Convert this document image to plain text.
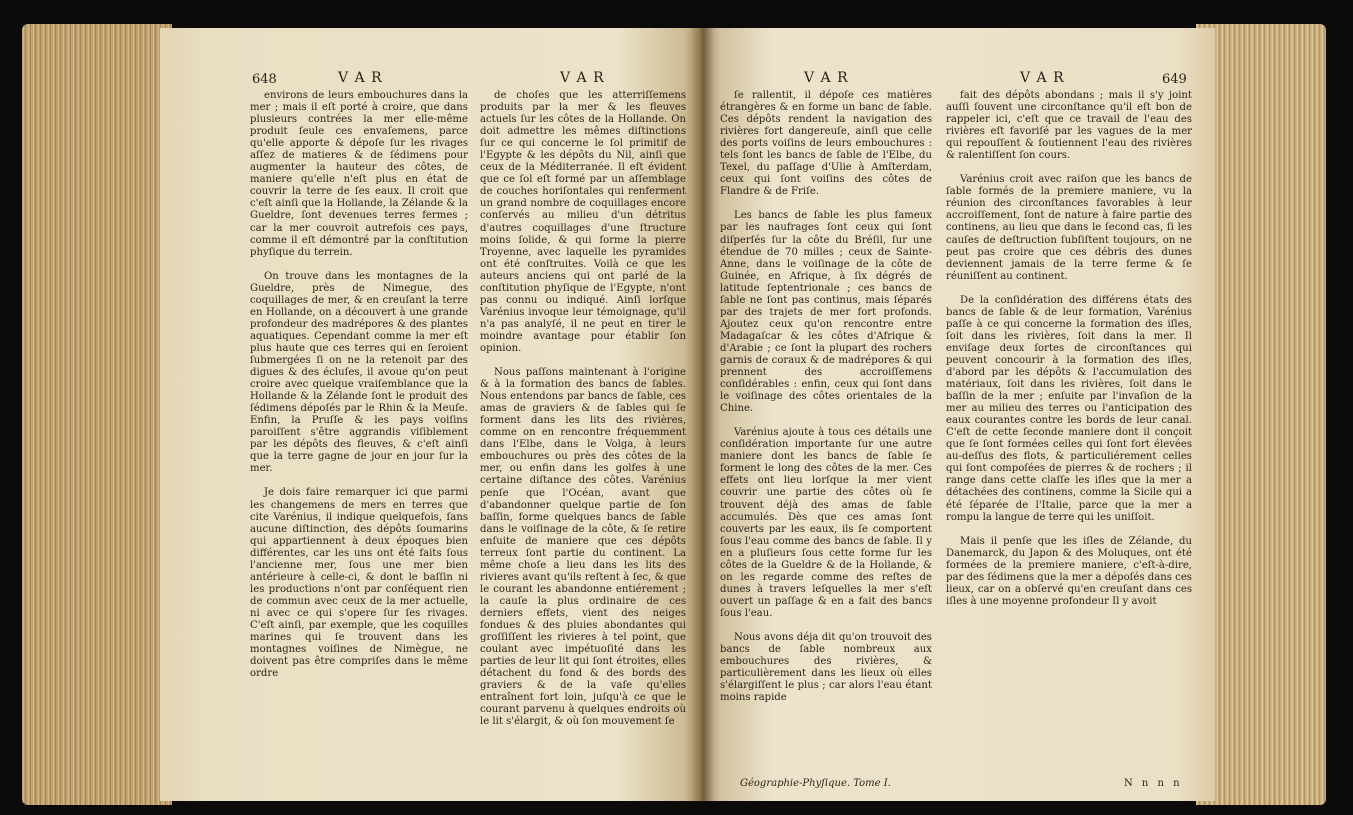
648	V A R	V A R

environs de leurs embouchures dans la mer ; mais il eſt porté à croire, que dans plusieurs contrées la mer elle-même produit ſeule ces envaſemens, parce qu'elle apporte & dépoſe ſur les rivages aſſez de matieres & de ſédimens pour augmenter la hauteur des côtes, de maniere qu'elle n'eſt plus en état de couvrir la terre de ſes eaux. Il croit que c'eſt ainſi que la Hollande, la Zélande & la Gueldre, ſont devenues terres fermes ; car la mer couvroit autrefois ces pays, comme il eſt démontré par la conſtitution phyſique du terrein.

On trouve dans les montagnes de la Gueldre, près de Nimegue, des coquillages de mer, & en creuſant la terre en Hollande, on a découvert à une grande profondeur des madrépores & des plantes aquatiques. Cependant comme la mer eſt plus haute que ces terres qui en ſeroient ſubmergées ſi on ne la retenoit par des digues & des écluſes, il avoue qu'on peut croire avec quelque vraiſemblance que la Hollande & la Zélande ſont le produit des ſédimens dépoſés par le Rhin & la Meuſe. Enfin, la Pruſſe & les pays voiſins paroiſſent s'être aggrandis viſiblement par les dépôts des fleuves, & c'eſt ainſi que la terre gagne de jour en jour ſur la mer.

Je dois faire remarquer ici que parmi les changemens de mers en terres que cite Varénius, il indique quelquefois, ſans aucune diſtinction, des dépôts ſoumarins qui appartiennent à deux époques bien différentes, car les uns ont été faits ſous l'ancienne mer, ſous une mer bien antérieure à celle-ci, & dont le baſſin ni les productions n'ont par conſéquent rien de commun avec ceux de la mer actuelle, ni avec ce qui s'opere ſur ſes rivages. C'eſt ainſi, par exemple, que les coquilles marines qui ſe trouvent dans les montagnes voiſines de Nimègue, ne doivent pas être compriſes dans le même ordre

de choſes que les atterriſſemens produits par la mer & les fleuves actuels ſur les côtes de la Hollande. On doit admettre les mêmes diſtinctions ſur ce qui concerne le ſol primitif de l'Egypte & les dépôts du Nil, ainſi que ceux de la Méditerranée. Il eſt évident que ce ſol eſt formé par un aſſemblage de couches horiſontales qui renferment un grand nombre de coquillages encore conſervés au milieu d'un détritus d'autres coquillages d'une ſtructure moins ſolide, & qui forme la pierre Troyenne, avec laquelle les pyramides ont été conſtruites. Voilà ce que les auteurs anciens qui ont parlé de la conſtitution phyſique de l'Egypte, n'ont pas connu ou indiqué. Ainſi lorſque Varénius invoque leur témoignage, qu'il n'a pas analyſé, il ne peut en tirer le moindre avantage pour établir ſon opinion.

Nous paſſons maintenant à l'origine & à la formation des bancs de ſables. Nous entendons par bancs de ſable, ces amas de graviers & de ſables qui ſe forment dans les lits des rivières, comme on en rencontre fréquemment dans l'Elbe, dans le Volga, à leurs embouchures ou près des côtes de la mer, ou enfin dans les golfes à une certaine diſtance des côtes. Varénius penſe que l'Océan, avant que d'abandonner quelque partie de ſon baſſin, forme quelques bancs de ſable dans le voiſinage de la côte, & ſe retire enſuite de maniere que ces dépôts terreux ſont partie du continent. La même choſe a lieu dans les lits des rivieres avant qu'ils reſtent à ſec, & que le courant les abandonne entiérement ; la cauſe la plus ordinaire de ces derniers effets, vient des neiges fondues & des pluies abondantes qui groſſiſſent les rivieres à tel point, que coulant avec impétuoſité dans les parties de leur lit qui ſont étroites, elles détachent du fond & des bords des graviers & de la vaſe qu'elles entraînent fort loin, juſqu'à ce que le courant parvenu à quelques endroits où le lit s'élargit, & où ſon mouvement ſe

V A R	V A R	649

ſe rallentit, il dépoſe ces matières étrangères & en forme un banc de ſable. Ces dépôts rendent la navigation des rivières fort dangereuſe, ainſi que celle des ports voiſins de leurs embouchures : tels ſont les bancs de ſable de l'Elbe, du Texel, du paſſage d'Ulie à Amſterdam, ceux qui ſont voiſins des côtes de Flandre & de Friſe.

Les bancs de ſable les plus fameux par les naufrages ſont ceux qui ſont diſperſés ſur la côte du Bréſil, ſur une étendue de 70 milles ; ceux de Sainte-Anne, dans le voiſinage de la côte de Guinée, en Afrique, à ſix dégrés de latitude ſeptentrionale ; ces bancs de ſable ne ſont pas continus, mais ſéparés par des trajets de mer fort profonds. Ajoutez ceux qu'on rencontre entre Madagaſcar & les côtes d'Afrique & d'Arabie ; ce ſont la plupart des rochers garnis de coraux & de madrépores & qui prennent des accroiſſemens conſidérables : enfin, ceux qui ſont dans le voiſinage des côtes orientales de la Chine.

Varénius ajoute à tous ces détails une conſidération importante ſur une autre maniere dont les bancs de ſable ſe forment le long des côtes de la mer. Ces effets ont lieu lorſque la mer vient couvrir une partie des côtes où ſe trouvent déjà des amas de ſable accumulés. Dès que ces amas ſont couverts par les eaux, ils ſe comportent ſous l'eau comme des bancs de ſable. Il y en a pluſieurs ſous cette forme ſur les côtes de la Gueldre & de la Hollande, & on les regarde comme des reſtes de dunes à travers leſquelles la mer s'eſt ouvert un paſſage & en a fait des bancs ſous l'eau.

Nous avons déja dit qu'on trouvoit des bancs de ſable nombreux aux embouchures des rivières, & particulièrement dans les lieux où elles s'élargiſſent le plus ; car alors l'eau étant moins rapide

fait des dépôts abondans ; mais il s'y joint auſſi ſouvent une circonſtance qu'il eſt bon de rappeler ici, c'eſt que ce travail de l'eau des rivières eſt favoriſé par les vagues de la mer qui repouſſent & ſoutiennent l'eau des rivières & ralentiſſent ſon cours.

Varénius croit avec raiſon que les bancs de ſable formés de la premiere maniere, vu la réunion des circonſtances favorables à leur accroiſſement, ſont de nature à faire partie des continens, au lieu que dans le ſecond cas, ſi les cauſes de deſtruction ſubſiſtent toujours, on ne peut pas croire que ces débris des dunes deviennent jamais de la terre ferme & ſe réuniſſent au continent.

De la conſidération des différens états des bancs de ſable & de leur formation, Varénius paſſe à ce qui concerne la formation des iſles, ſoit dans les rivières, ſoit dans la mer. Il enviſage deux ſortes de circonſtances qui peuvent concourir à la formation des iſles, d'abord par les dépôts & l'accumulation des matériaux, ſoit dans les rivières, ſoit dans le baſſin de la mer ; enſuite par l'invaſion de la mer au milieu des terres ou l'anticipation des eaux courantes contre les bords de leur canal. C'eſt de cette ſeconde maniere dont il conçoit que ſe ſont formées celles qui ſont fort élevées au-deſſus des flots, & particuliérement celles qui ſont compoſées de pierres & de rochers ; il range dans cette claſſe les iſles que la mer a détachées des continens, comme la Sicile qui a été ſéparée de l'Italie, parce que la mer a rompu la langue de terre qui les uniſſoit.

Mais il penſe que les iſles de Zélande, du Danemarck, du Japon & des Moluques, ont été formées de la premiere maniere, c'eſt-à-dire, par des ſédimens que la mer a dépoſés dans ces lieux, car on a obſervé qu'en creuſant dans ces iſles à une moyenne profondeur Il y avoit

Géographie-Phyſique. Tome I.	N n n n
